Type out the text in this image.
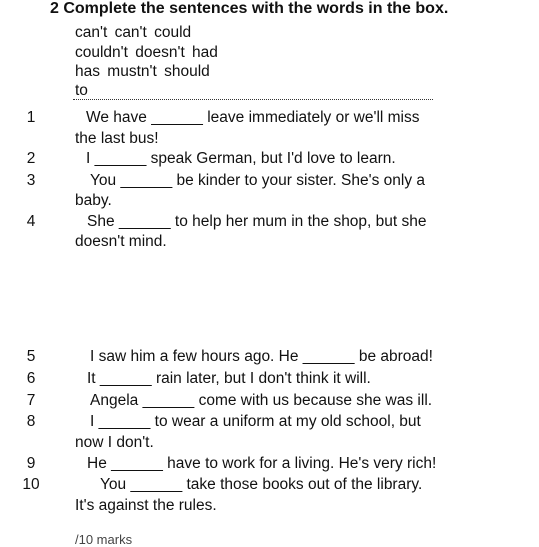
2 Complete the sentences with the words in the box.
can't can't could
couldn't doesn't had
has mustn't should
to
1	We have ______ leave immediately or we'll miss
the last bus!
2	I ______ speak German, but I'd love to learn.
3	You ______ be kinder to your sister. She's only a
baby.
4	She ______ to help her mum in the shop, but she
doesn't mind.
5	I saw him a few hours ago. He ______ be abroad!
6	It ______ rain later, but I don't think it will.
7	Angela ______ come with us because she was ill.
8	I ______ to wear a uniform at my old school, but
now I don't.
9	He ______ have to work for a living. He's very rich!
10	You ______ take those books out of the library.
It's against the rules.
/10 marks
